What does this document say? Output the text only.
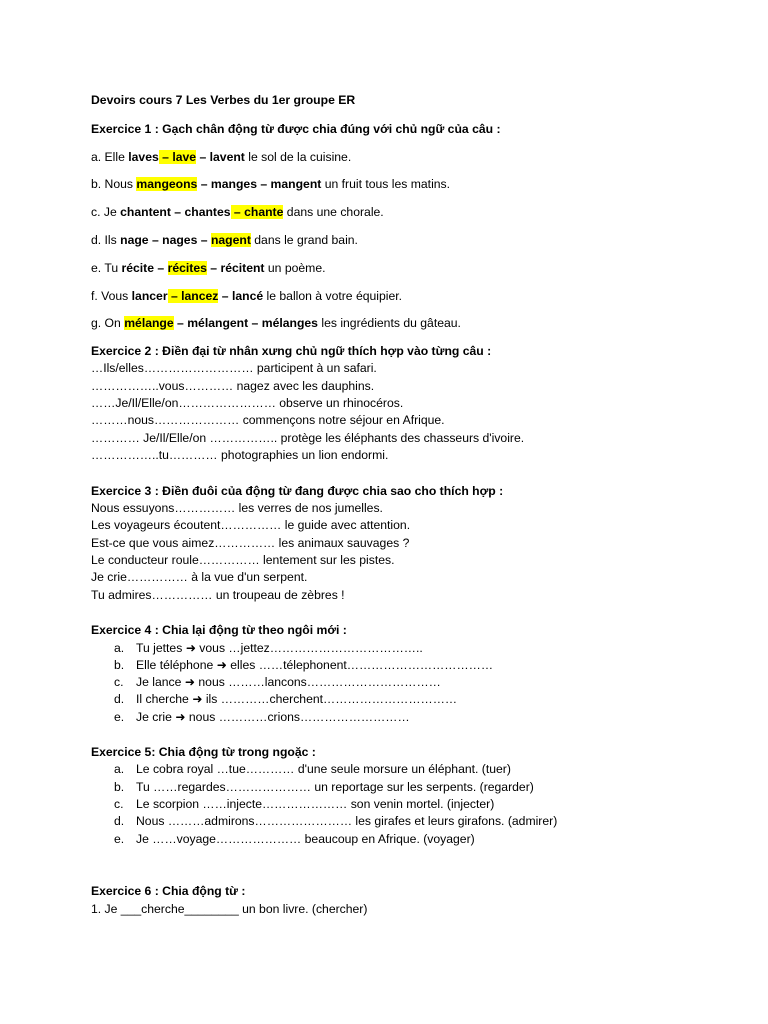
Devoirs cours 7 Les Verbes du 1er groupe ER
Exercice 1 : Gạch chân động từ được chia đúng với chủ ngữ của câu :
a. Elle laves – lave – lavent le sol de la cuisine.
b. Nous mangeons – manges – mangent un fruit tous les matins.
c. Je chantent – chantes – chante dans une chorale.
d. Ils nage – nages – nagent dans le grand bain.
e. Tu récite – récites – récitent un poème.
f. Vous lancer – lancez – lancé le ballon à votre équipier.
g. On mélange – mélangent – mélanges les ingrédients du gâteau.
Exercice 2 : Điền đại từ nhân xưng chủ ngữ thích hợp vào từng câu :
…Ils/elles……………………… participent à un safari.
……………..vous………… nagez avec les dauphins.
……Je/Il/Elle/on…………………… observe un rhinocéros.
………nous………………… commençons notre séjour en Afrique.
………… Je/Il/Elle/on …………….. protège les éléphants des chasseurs d'ivoire.
……………..tu………… photographies un lion endormi.
Exercice 3 : Điền đuôi của động từ đang được chia sao cho thích hợp :
Nous essuyons…………… les verres de nos jumelles.
Les voyageurs écoutent…………… le guide avec attention.
Est-ce que vous aimez…………… les animaux sauvages ?
Le conducteur roule…………… lentement sur les pistes.
Je crie…………… à la vue d'un serpent.
Tu admires…………… un troupeau de zèbres !
Exercice 4 : Chia lại động từ theo ngôi mới :
a. Tu jettes ➜ vous …jettez………………………………..
b. Elle téléphone ➜ elles ……télephonent………………………………
c. Je lance ➜ nous ………lancons……………………………
d. Il cherche ➜ ils …………cherchent……………………………
e. Je crie ➜ nous …………crions………………………
Exercice 5: Chia động từ trong ngoặc :
a. Le cobra royal …tue………… d'une seule morsure un éléphant. (tuer)
b. Tu ……regardes………………… un reportage sur les serpents. (regarder)
c. Le scorpion ……injecte………………… son venin mortel. (injecter)
d. Nous ………admirons…………………… les girafes et leurs girafons. (admirer)
e. Je ……voyage………………… beaucoup en Afrique. (voyager)
Exercice 6 : Chia động từ :
1. Je ___cherche________ un bon livre. (chercher)
